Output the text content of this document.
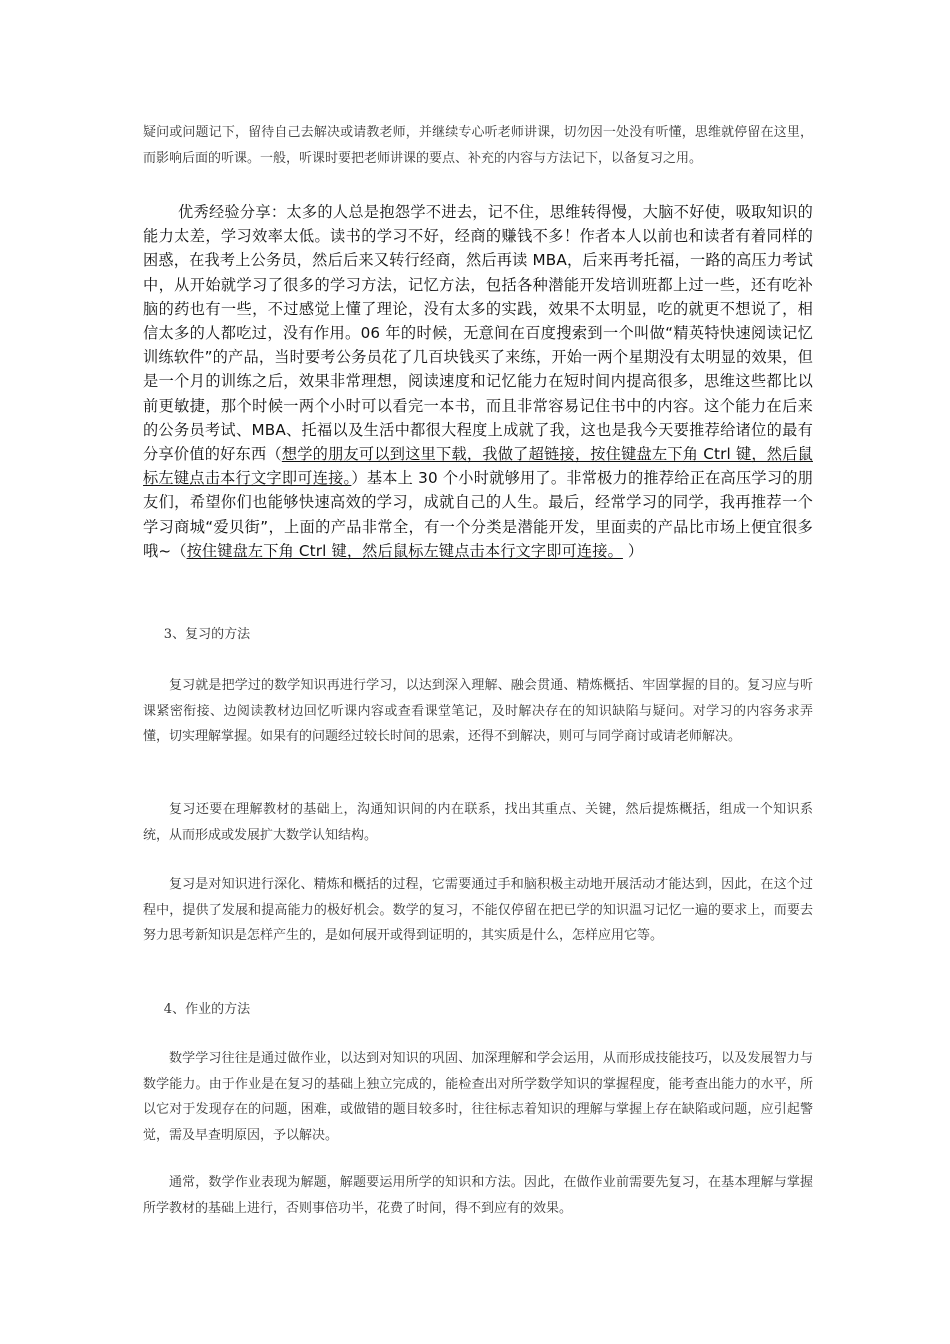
疑问或问题记下，留待自己去解决或请教老师，并继续专心听老师讲课，切勿因一处没有听懂，思维就停留在这里，而影响后面的听课。一般，听课时要把老师讲课的要点、补充的内容与方法记下，以备复习之用。

优秀经验分享：太多的人总是抱怨学不进去，记不住，思维转得慢，大脑不好使，吸取知识的能力太差，学习效率太低。读书的学习不好，经商的赚钱不多！作者本人以前也和读者有着同样的困惑，在我考上公务员，然后后来又转行经商，然后再读 MBA，后来再考托福，一路的高压力考试中，从开始就学习了很多的学习方法，记忆方法，包括各种潜能开发培训班都上过一些，还有吃补脑的药也有一些，不过感觉上懂了理论，没有太多的实践，效果不太明显，吃的就更不想说了，相信太多的人都吃过，没有作用。06 年的时候，无意间在百度搜索到一个叫做“精英特快速阅读记忆训练软件”的产品，当时要考公务员花了几百块钱买了来练，开始一两个星期没有太明显的效果，但是一个月的训练之后，效果非常理想，阅读速度和记忆能力在短时间内提高很多，思维这些都比以前更敏捷，那个时候一两个小时可以看完一本书，而且非常容易记住书中的内容。这个能力在后来的公务员考试、MBA、托福以及生活中都很大程度上成就了我，这也是我今天要推荐给诸位的最有分享价值的好东西（想学的朋友可以到这里下载，我做了超链接，按住键盘左下角 Ctrl 键，然后鼠标左键点击本行文字即可连接。）基本上 30 个小时就够用了。非常极力的推荐给正在高压学习的朋友们，希望你们也能够快速高效的学习，成就自己的人生。最后，经常学习的同学，我再推荐一个学习商城“爱贝街”，上面的产品非常全，有一个分类是潜能开发，里面卖的产品比市场上便宜很多哦~（按住键盘左下角 Ctrl 键，然后鼠标左键点击本行文字即可连接。 ）

3、复习的方法

复习就是把学过的数学知识再进行学习，以达到深入理解、融会贯通、精炼概括、牢固掌握的目的。复习应与听课紧密衔接、边阅读教材边回忆听课内容或查看课堂笔记，及时解决存在的知识缺陷与疑问。对学习的内容务求弄懂，切实理解掌握。如果有的问题经过较长时间的思索，还得不到解决，则可与同学商讨或请老师解决。

复习还要在理解教材的基础上，沟通知识间的内在联系，找出其重点、关键，然后提炼概括，组成一个知识系统，从而形成或发展扩大数学认知结构。

复习是对知识进行深化、精炼和概括的过程，它需要通过手和脑积极主动地开展活动才能达到，因此，在这个过程中，提供了发展和提高能力的极好机会。数学的复习，不能仅停留在把已学的知识温习记忆一遍的要求上，而要去努力思考新知识是怎样产生的，是如何展开或得到证明的，其实质是什么，怎样应用它等。

4、作业的方法

数学学习往往是通过做作业，以达到对知识的巩固、加深理解和学会运用，从而形成技能技巧，以及发展智力与数学能力。由于作业是在复习的基础上独立完成的，能检查出对所学数学知识的掌握程度，能考查出能力的水平，所以它对于发现存在的问题，困难，或做错的题目较多时，往往标志着知识的理解与掌握上存在缺陷或问题，应引起警觉，需及早查明原因，予以解决。

通常，数学作业表现为解题，解题要运用所学的知识和方法。因此，在做作业前需要先复习，在基本理解与掌握所学教材的基础上进行，否则事倍功半，花费了时间，得不到应有的效果。
